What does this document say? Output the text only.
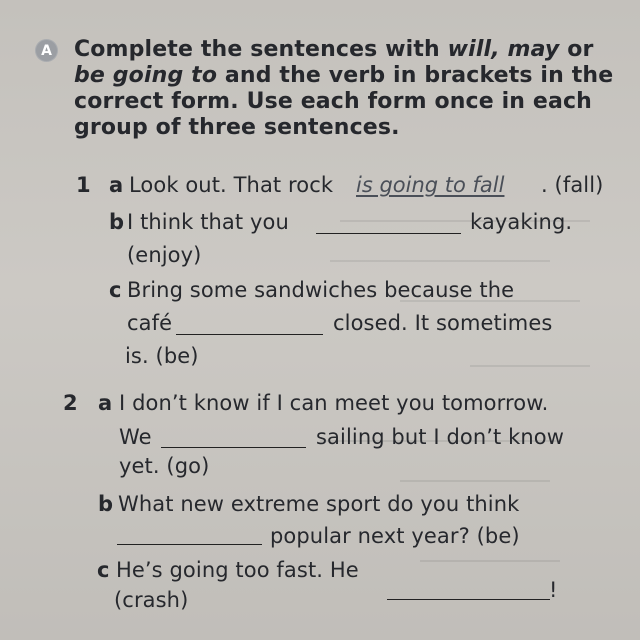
A Complete the sentences with will, may or
be going to and the verb in brackets in the
correct form. Use each form once in each
group of three sentences.
1 a Look out. That rock is going to fall . (fall)
b I think that you	kayaking.
(enjoy)
c Bring some sandwiches because the
café	closed. It sometimes
is. (be)
2 a I don’t know if I can meet you tomorrow.
We	sailing but I don’t know
yet. (go)
b What new extreme sport do you think
popular next year? (be)
c He’s going too fast. He
!
(crash)
